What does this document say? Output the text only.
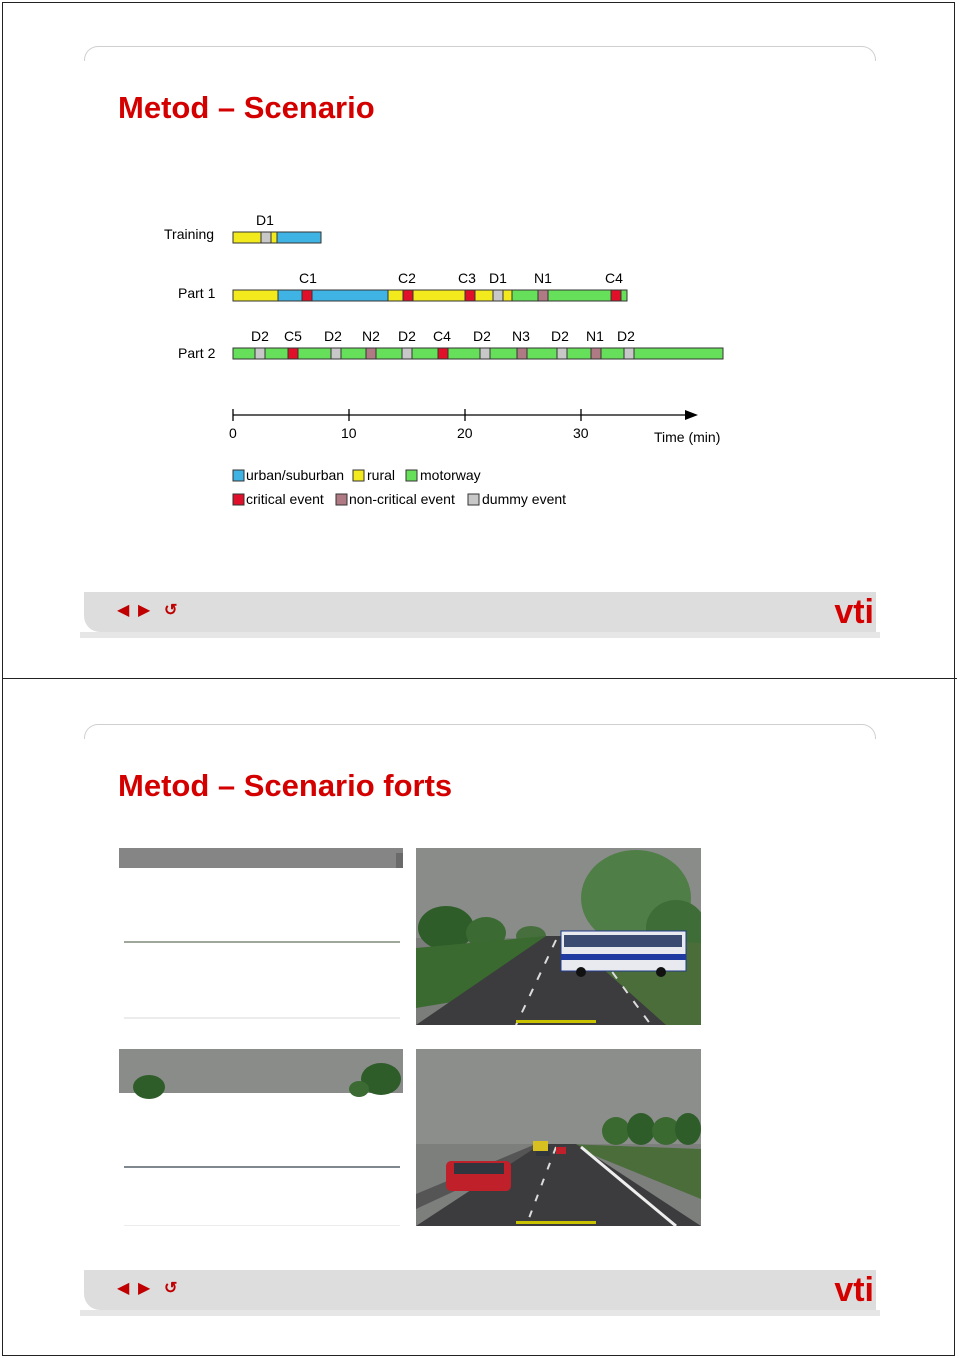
Metod – Scenario
Training
Part 1
Part 2
D1
C1	C2	C3 D1 N1	C4
D2 C5 D2 N2 D2 C4 D2 N3 D2 N1 D2
0	10	20	30	Time (min)
urban/suburban rural motorway
critical event non-critical event dummy event
◀ ▶ ↺	vti
Metod – Scenario forts
◀ ▶ ↺	vti
